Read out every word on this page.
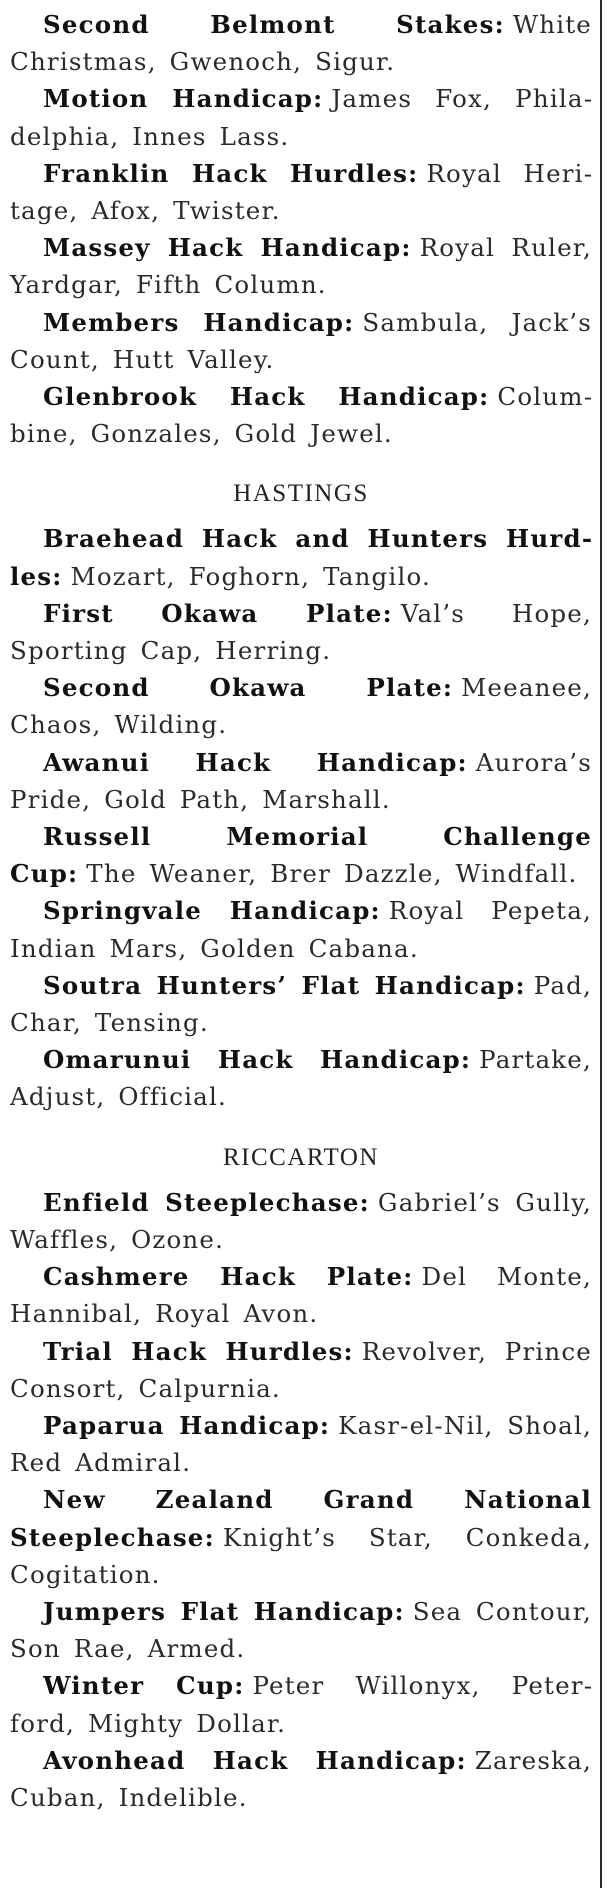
Second Belmont Stakes: White Christmas, Gwenoch, Sigur.

Motion Handicap: James Fox, Philadelphia, Innes Lass.

Franklin Hack Hurdles: Royal Heritage, Afox, Twister.

Massey Hack Handicap: Royal Ruler, Yardgar, Fifth Column.

Members Handicap: Sambula, Jack’s Count, Hutt Valley.

Glenbrook Hack Handicap: Columbine, Gonzales, Gold Jewel.

HASTINGS

Braehead Hack and Hunters Hurdles: Mozart, Foghorn, Tangilo.

First Okawa Plate: Val’s Hope, Sporting Cap, Herring.

Second Okawa Plate: Meeanee, Chaos, Wilding.

Awanui Hack Handicap: Aurora’s Pride, Gold Path, Marshall.

Russell Memorial Challenge Cup: The Weaner, Brer Dazzle, Windfall.

Springvale Handicap: Royal Pepeta, Indian Mars, Golden Cabana.

Soutra Hunters’ Flat Handicap: Pad, Char, Tensing.

Omarunui Hack Handicap: Partake, Adjust, Official.

RICCARTON

Enfield Steeplechase: Gabriel’s Gully, Waffles, Ozone.

Cashmere Hack Plate: Del Monte, Hannibal, Royal Avon.

Trial Hack Hurdles: Revolver, Prince Consort, Calpurnia.

Paparua Handicap: Kasr-el-Nil, Shoal, Red Admiral.

New Zealand Grand National Steeplechase: Knight’s Star, Conkeda, Cogitation.

Jumpers Flat Handicap: Sea Contour, Son Rae, Armed.

Winter Cup: Peter Willonyx, Peterford, Mighty Dollar.

Avonhead Hack Handicap: Zareska, Cuban, Indelible.
